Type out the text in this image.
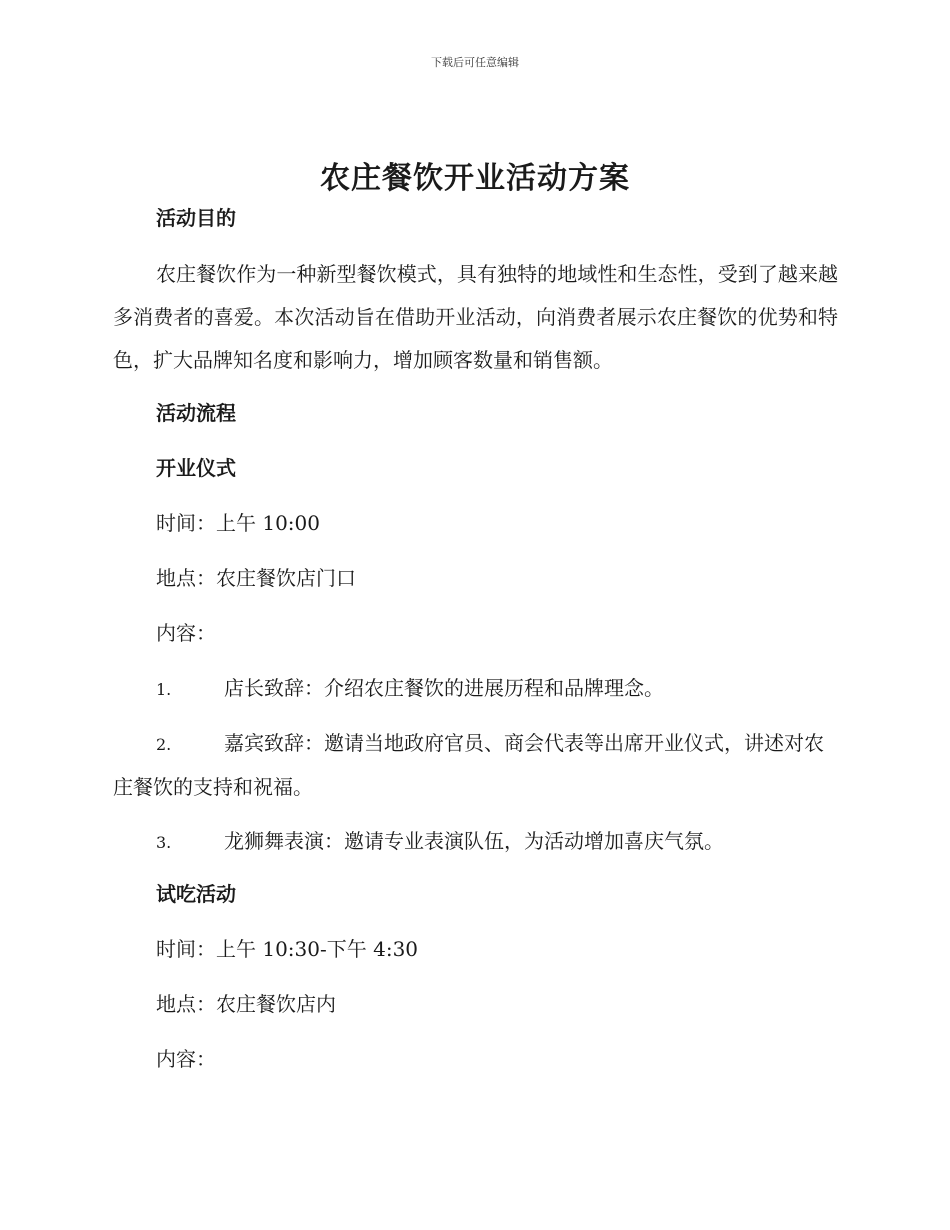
下载后可任意编辑
农庄餐饮开业活动方案
活动目的
农庄餐饮作为一种新型餐饮模式，具有独特的地域性和生态性，受到了越来越多消费者的喜爱。本次活动旨在借助开业活动，向消费者展示农庄餐饮的优势和特色，扩大品牌知名度和影响力，增加顾客数量和销售额。
活动流程
开业仪式
时间：上午 10:00
地点：农庄餐饮店门口
内容：
1.	店长致辞：介绍农庄餐饮的进展历程和品牌理念。
2.	嘉宾致辞：邀请当地政府官员、商会代表等出席开业仪式，讲述对农庄餐饮的支持和祝福。
3.	龙狮舞表演：邀请专业表演队伍，为活动增加喜庆气氛。
试吃活动
时间：上午 10:30-下午 4:30
地点：农庄餐饮店内
内容：
